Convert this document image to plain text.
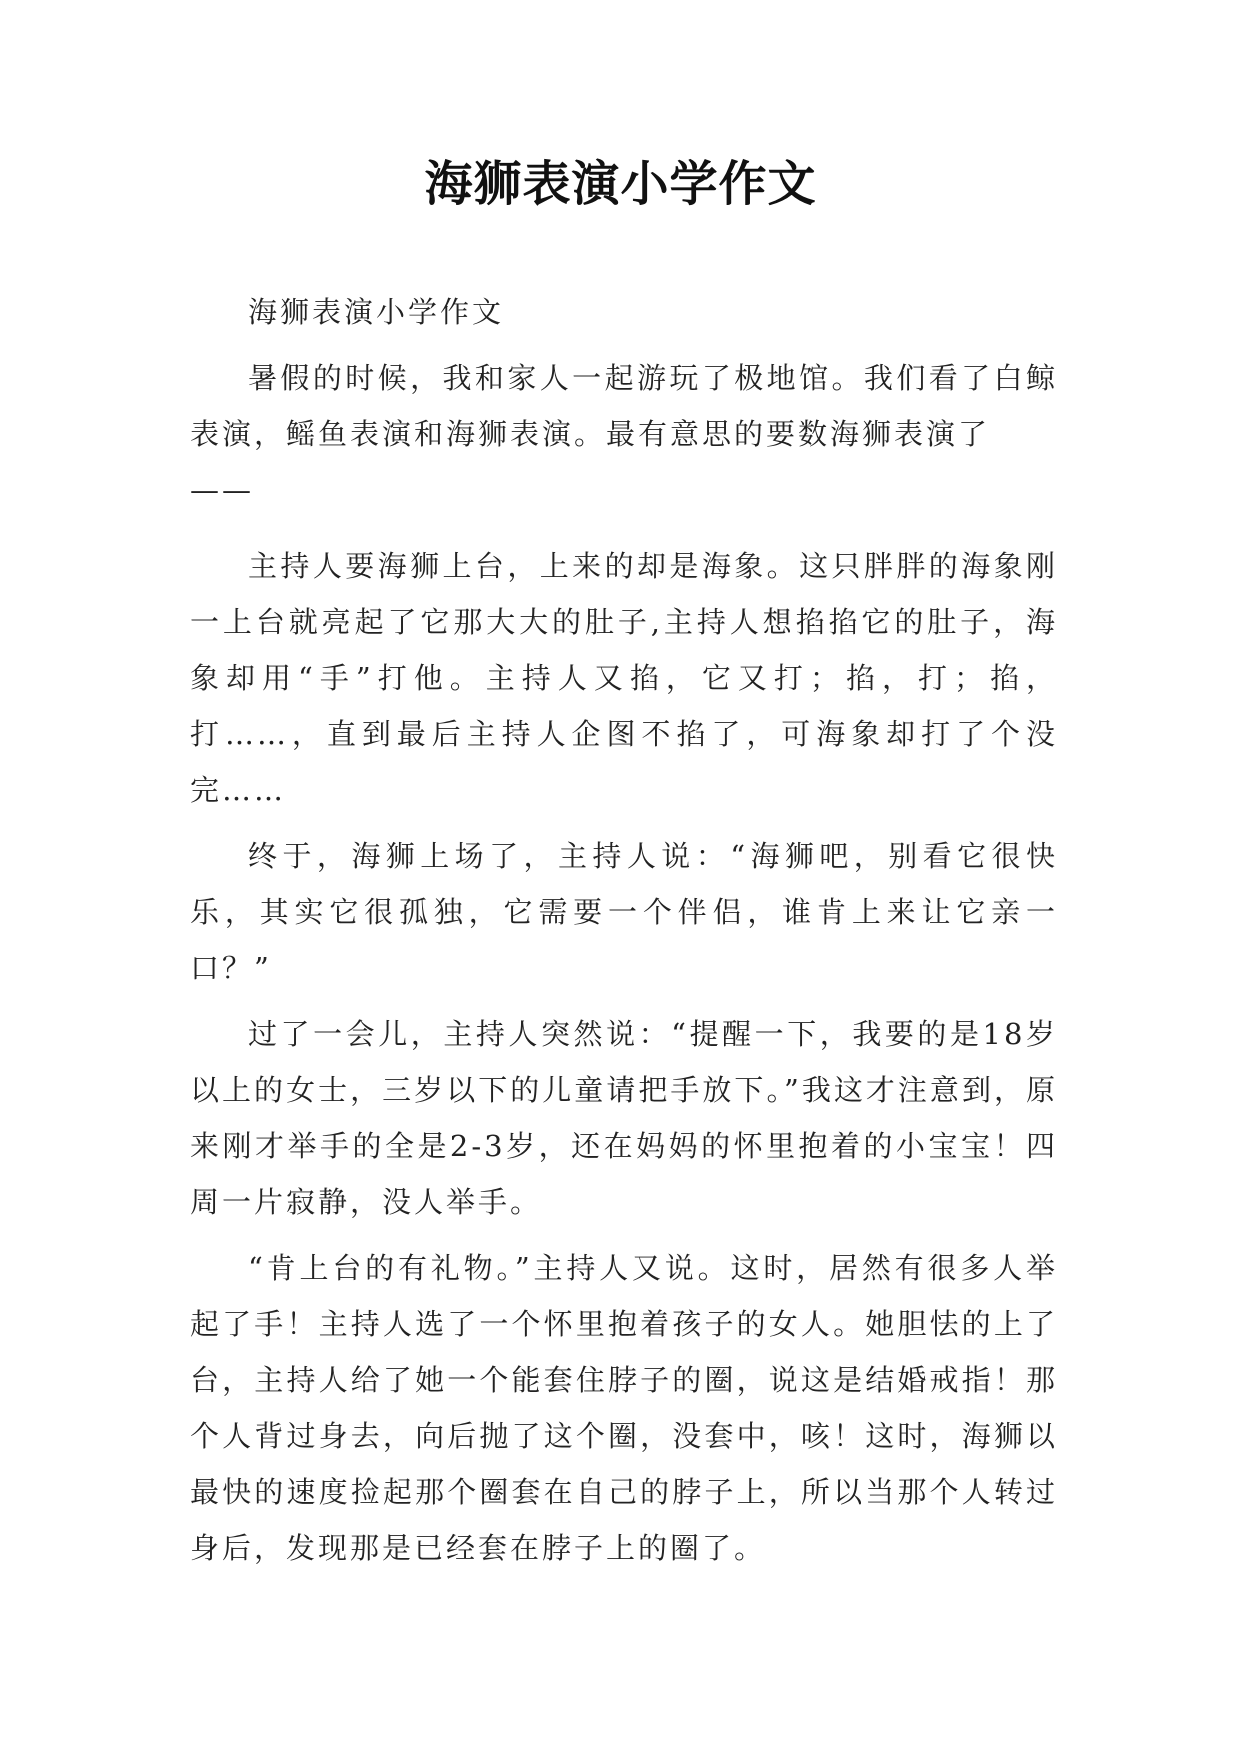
海狮表演小学作文

海狮表演小学作文

暑假的时候，我和家人一起游玩了极地馆。我们看了白鲸表演，鳐鱼表演和海狮表演。最有意思的要数海狮表演了

——

主持人要海狮上台，上来的却是海象。这只胖胖的海象刚一上台就亮起了它那大大的肚子,主持人想掐掐它的肚子，海象却用“手”打他。主持人又掐，它又打；掐，打；掐，打……，直到最后主持人企图不掐了，可海象却打了个没完……

终于，海狮上场了，主持人说：“海狮吧，别看它很快乐，其实它很孤独，它需要一个伴侣，谁肯上来让它亲一口？”

过了一会儿，主持人突然说：“提醒一下，我要的是18岁以上的女士，三岁以下的儿童请把手放下。”我这才注意到，原来刚才举手的全是2-3岁，还在妈妈的怀里抱着的小宝宝！四周一片寂静，没人举手。

“肯上台的有礼物。”主持人又说。这时，居然有很多人举起了手！主持人选了一个怀里抱着孩子的女人。她胆怯的上了台，主持人给了她一个能套住脖子的圈，说这是结婚戒指！那个人背过身去，向后抛了这个圈，没套中，咳！这时，海狮以最快的速度捡起那个圈套在自己的脖子上，所以当那个人转过身后，发现那是已经套在脖子上的圈了。
